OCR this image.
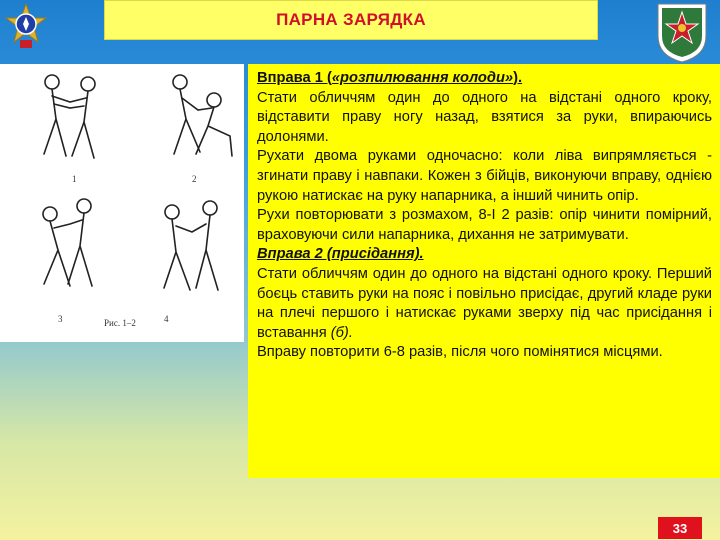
ПАРНА ЗАРЯДКА
1	2
3	4
Рис. 1–2

Вправа 1 («розпилювання колоди»).

Стати обличчям один до одного на відстані одного кроку, відставити праву ногу назад, взятися за руки, впираючись долонями.

Рухати двома руками одночасно: коли ліва випрямляється - згинати праву і навпаки. Кожен з бійців, виконуючи вправу, однією рукою натискає на руку напарника, а інший чинить опір.

Рухи повторювати з розмахом, 8-I 2 разів: опір чинити помірний, враховуючи сили напарника, дихання не затримувати.

Вправа 2 (присідання).

Стати обличчям один до одного на відстані одного кроку. Перший боєць ставить руки на пояс і повільно присідає, другий кладе руки на плечі першого і натискає руками зверху під час присідання і вставання (б).

Вправу повторити 6-8 разів, після чого помінятися місцями.

33
